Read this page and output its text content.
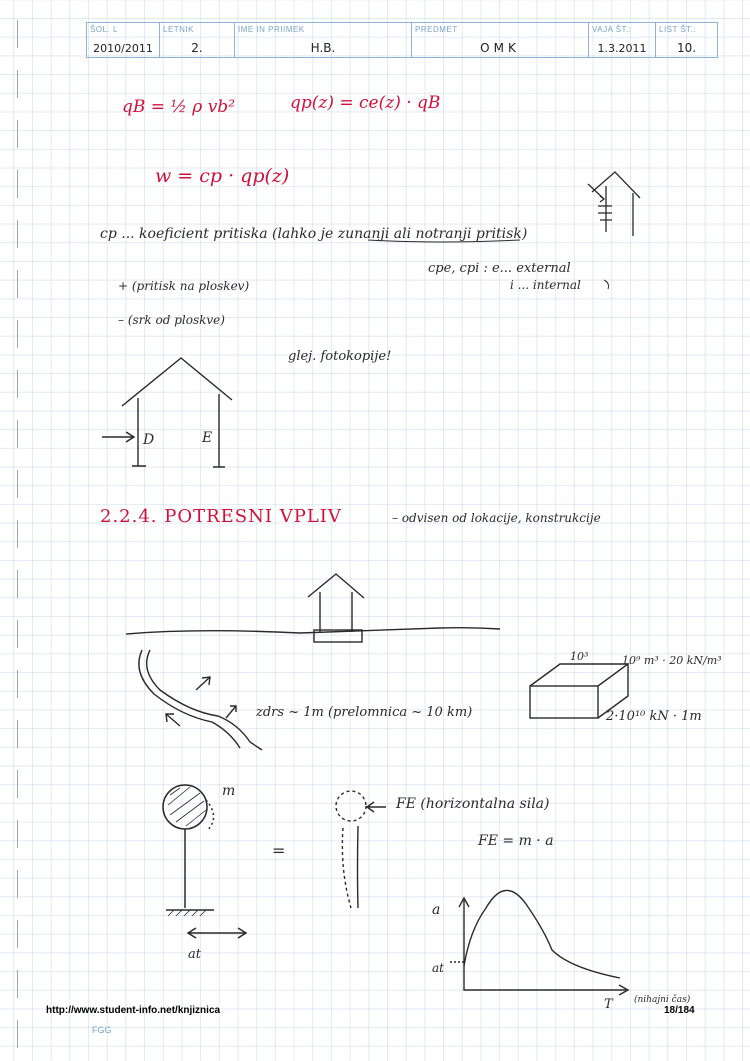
ŠOL. L
2010/2011
LETNIK
2.
IME IN PRIIMEK
H.B.
PREDMET
OMK
VAJA ŠT.:
1.3.2011
LIST ŠT.:
10.
qB = ½ ρ vb²	qp(z) = ce(z) · qB
w = cp · qp(z)
cp ... koeficient pritiska (lahko je zunanji ali notranji pritisk)
cpe, cpi : e... external
i ... internal
+ (pritisk na ploskev)
– (srk od ploskve)
glej. fotokopije!
D	E
2.2.4. POTRESNI VPLIV	– odvisen od lokacije, konstrukcije
zdrs ~ 1m (prelomnica ~ 10 km)
10³	10⁹ m³ · 20 kN/m³
2·10¹⁰ kN · 1m
m
=
FE (horizontalna sila)
FE = m · a
at
a
at
T (nihajni čas)
http://www.student-info.net/knjiznica	18/184
FGG
